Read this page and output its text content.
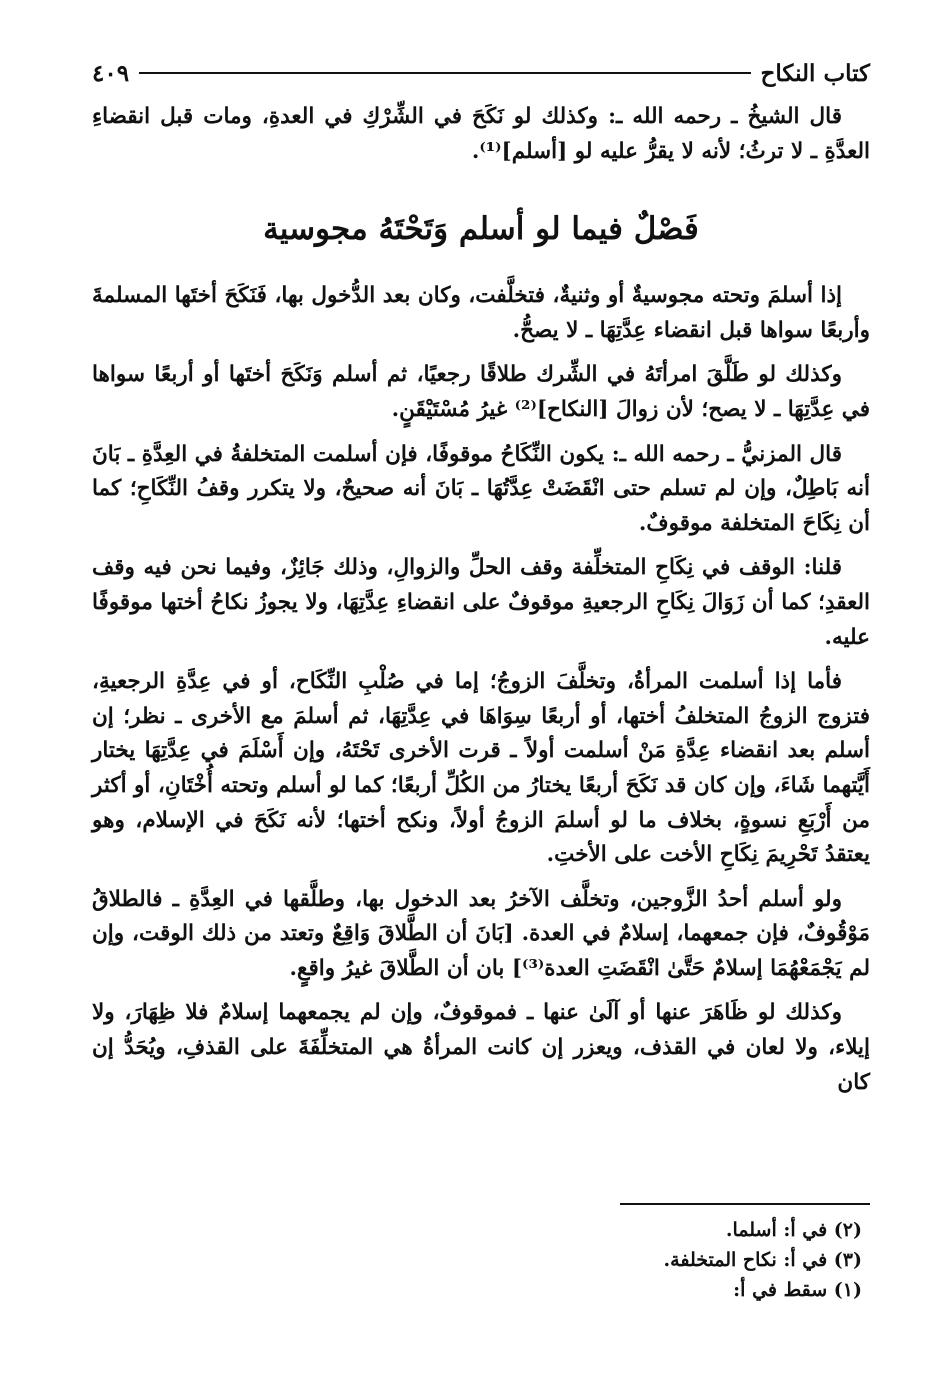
كتاب النكاح
٤٠٩

قال الشيخُ ـ رحمه الله ـ: وكذلك لو نَكَحَ في الشِّرْكِ في العدةِ، ومات قبل انقضاءِ العدَّةِ ـ لا ترثُ؛ لأنه لا يقرُّ عليه لو [أسلم]⁽¹⁾.

فَصْلٌ فيما لو أسلم وَتَحْتَهُ مجوسية

إذا أسلمَ وتحته مجوسيةٌ أو وثنيةٌ، فتخلَّفت، وكان بعد الدُّخول بها، فَنَكَحَ أختَها المسلمةَ وأربعًا سواها قبل انقضاء عِدَّتِهَا ـ لا يصحُّ.

وكذلك لو طَلَّقَ امرأتَهُ في الشِّرك طلاقًا رجعيًا، ثم أسلم وَنَكَحَ أختَها أو أربعًا سواها في عِدَّتِهَا ـ لا يصح؛ لأن زوالَ [النكاح]⁽²⁾ غيرُ مُسْتَيْقَنٍ.

قال المزنيُّ ـ رحمه الله ـ: يكون النِّكَاحُ موقوفًا، فإن أسلمت المتخلفةُ في العِدَّةِ ـ بَانَ أنه بَاطِلٌ، وإن لم تسلم حتى انْقَضَتْ عِدَّتُهَا ـ بَانَ أنه صحيحٌ، ولا يتكرر وقفُ النِّكَاحِ؛ كما أن نِكَاحَ المتخلفة موقوفٌ.

قلنا: الوقف في نِكَاحِ المتخلِّفة وقف الحلِّ والزوالِ، وذلك جَائِزٌ، وفيما نحن فيه وقف العقدِ؛ كما أن زَوَالَ نِكَاحِ الرجعيةِ موقوفٌ على انقضاءِ عِدَّتِهَا، ولا يجوزُ نكاحُ أختها موقوفًا عليه.

فأما إذا أسلمت المرأةُ، وتخلَّفَ الزوجُ؛ إما في صُلْبِ النِّكَاح، أو في عِدَّةِ الرجعيةِ، فتزوج الزوجُ المتخلفُ أختها، أو أربعًا سِوَاهَا في عِدَّتِهَا، ثم أسلمَ مع الأخرى ـ نظر؛ إن أسلم بعد انقضاء عِدَّةِ مَنْ أسلمت أولاً ـ قرت الأخرى تَحْتَهُ، وإن أَسْلَمَ في عِدَّتِهَا يختار أَيَّتهما شَاءَ، وإن كان قد نَكَحَ أربعًا يختارُ من الكُلِّ أربعًا؛ كما لو أسلم وتحته أُخْتَانِ، أو أكثر من أَرْبَعِ نسوةٍ، بخلاف ما لو أسلمَ الزوجُ أولاً، ونكح أختها؛ لأنه نَكَحَ في الإسلام، وهو يعتقدُ تَحْرِيمَ نِكَاحِ الأخت على الأختِ.

ولو أسلم أحدُ الزَّوجين، وتخلَّف الآخرُ بعد الدخول بها، وطلَّقها في العِدَّةِ ـ فالطلاقُ مَوْقُوفٌ، فإن جمعهما، إسلامٌ في العدة. [بَانَ أن الطَّلاقَ وَاقِعٌ وتعتد من ذلك الوقت، وإن لم يَجْمَعْهُمَا إسلامٌ حَتَّىٰ انْقَضَتِ العدة⁽³⁾] بان أن الطَّلاقَ غيرُ واقعٍ.

وكذلك لو ظَاهَرَ عنها أو آلَىٰ عنها ـ فموقوفٌ، وإن لم يجمعهما إسلامٌ فلا ظِهَارَ، ولا إيلاء، ولا لعان في القذف، ويعزر إن كانت المرأةُ هي المتخلِّفَةَ على القذفِ، ويُحَدُّ إن كان

(٢) في أ: أسلما.
(٣) في أ: نكاح المتخلفة.
(١) سقط في أ:
